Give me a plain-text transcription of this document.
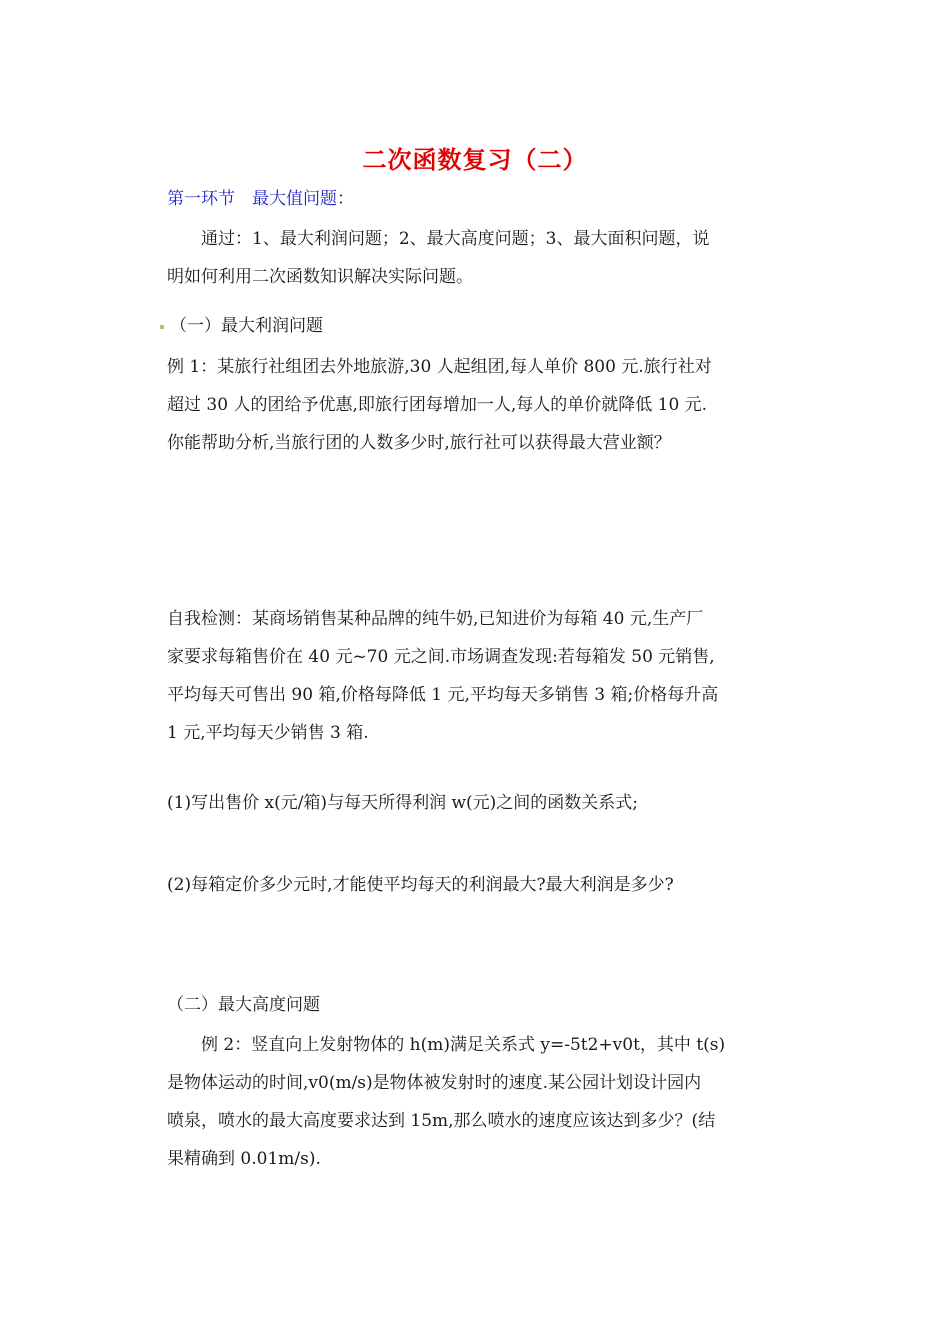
二次函数复习（二）
第一环节　最大值问题：
通过：1、最大利润问题；2、最大高度问题；3、最大面积问题，说
明如何利用二次函数知识解决实际问题。
（一）最大利润问题
例 1：某旅行社组团去外地旅游,30 人起组团,每人单价 800 元.旅行社对
超过 30 人的团给予优惠,即旅行团每增加一人,每人的单价就降低 10 元.
你能帮助分析,当旅行团的人数多少时,旅行社可以获得最大营业额？
自我检测：某商场销售某种品牌的纯牛奶,已知进价为每箱 40 元,生产厂
家要求每箱售价在 40 元~70 元之间.市场调查发现:若每箱发 50 元销售,
平均每天可售出 90 箱,价格每降低 1 元,平均每天多销售 3 箱;价格每升高
1 元,平均每天少销售 3 箱.
(1)写出售价 x(元/箱)与每天所得利润 w(元)之间的函数关系式;
(2)每箱定价多少元时,才能使平均每天的利润最大?最大利润是多少?
（二）最大高度问题
例 2：竖直向上发射物体的 h(m)满足关系式 y=-5t2+v0t，其中 t(s)
是物体运动的时间,v0(m/s)是物体被发射时的速度.某公园计划设计园内
喷泉，喷水的最大高度要求达到 15m,那么喷水的速度应该达到多少？(结
果精确到 0.01m/s).
